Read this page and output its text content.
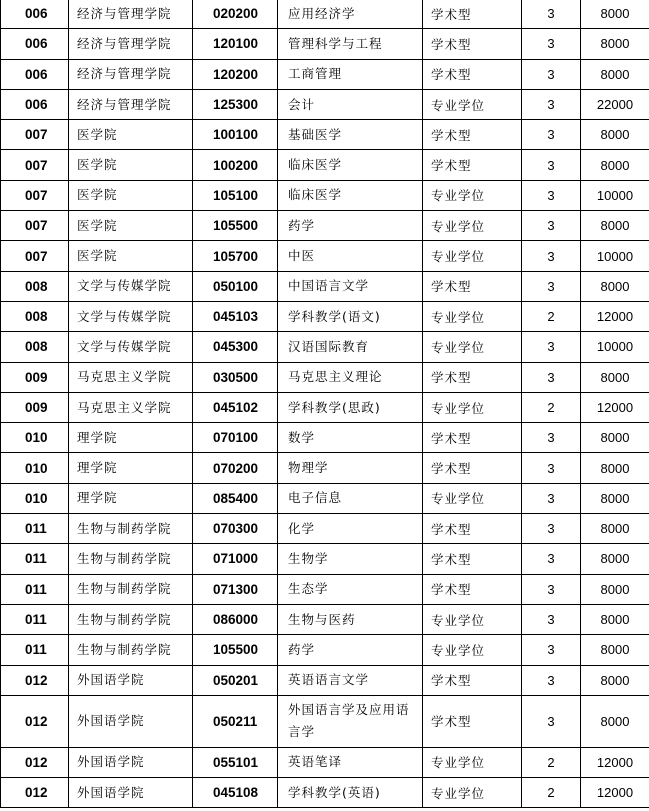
006	经济与管理学院	020200	应用经济学	学术型	3	8000
006	经济与管理学院	120100	管理科学与工程	学术型	3	8000
006	经济与管理学院	120200	工商管理	学术型	3	8000
006	经济与管理学院	125300	会计	专业学位	3	22000
007	医学院	100100	基础医学	学术型	3	8000
007	医学院	100200	临床医学	学术型	3	8000
007	医学院	105100	临床医学	专业学位	3	10000
007	医学院	105500	药学	专业学位	3	8000
007	医学院	105700	中医	专业学位	3	10000
008	文学与传媒学院	050100	中国语言文学	学术型	3	8000
008	文学与传媒学院	045103	学科教学(语文)	专业学位	2	12000
008	文学与传媒学院	045300	汉语国际教育	专业学位	3	10000
009	马克思主义学院	030500	马克思主义理论	学术型	3	8000
009	马克思主义学院	045102	学科教学(思政)	专业学位	2	12000
010	理学院	070100	数学	学术型	3	8000
010	理学院	070200	物理学	学术型	3	8000
010	理学院	085400	电子信息	专业学位	3	8000
011	生物与制药学院	070300	化学	学术型	3	8000
011	生物与制药学院	071000	生物学	学术型	3	8000
011	生物与制药学院	071300	生态学	学术型	3	8000
011	生物与制药学院	086000	生物与医药	专业学位	3	8000
011	生物与制药学院	105500	药学	专业学位	3	8000
012	外国语学院	050201	英语语言文学	学术型	3	8000
012	外国语学院	050211	外国语言学及应用语言学	学术型	3	8000
012	外国语学院	055101	英语笔译	专业学位	2	12000
012	外国语学院	045108	学科教学(英语)	专业学位	2	12000
